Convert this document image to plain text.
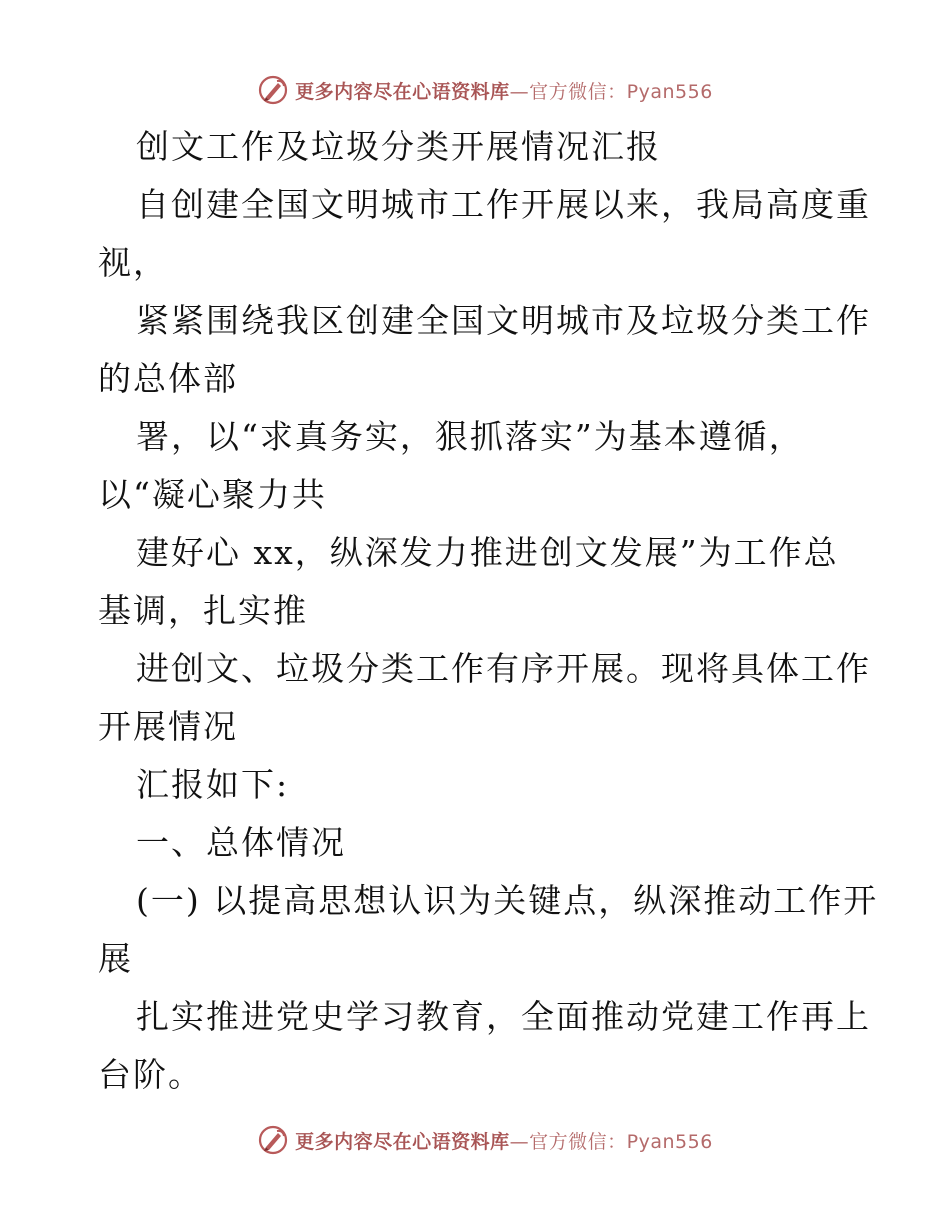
更多内容尽在心语资料库—官方微信：Pyan556
创文工作及垃圾分类开展情况汇报
自创建全国文明城市工作开展以来，我局高度重
视，
紧紧围绕我区创建全国文明城市及垃圾分类工作
的总体部
署，以“求真务实，狠抓落实”为基本遵循，
以“凝心聚力共
建好心 xx，纵深发力推进创文发展”为工作总
基调，扎实推
进创文、垃圾分类工作有序开展。现将具体工作
开展情况
汇报如下:
一、总体情况
(一) 以提高思想认识为关键点，纵深推动工作开
展
扎实推进党史学习教育，全面推动党建工作再上
台阶。
更多内容尽在心语资料库—官方微信：Pyan556
